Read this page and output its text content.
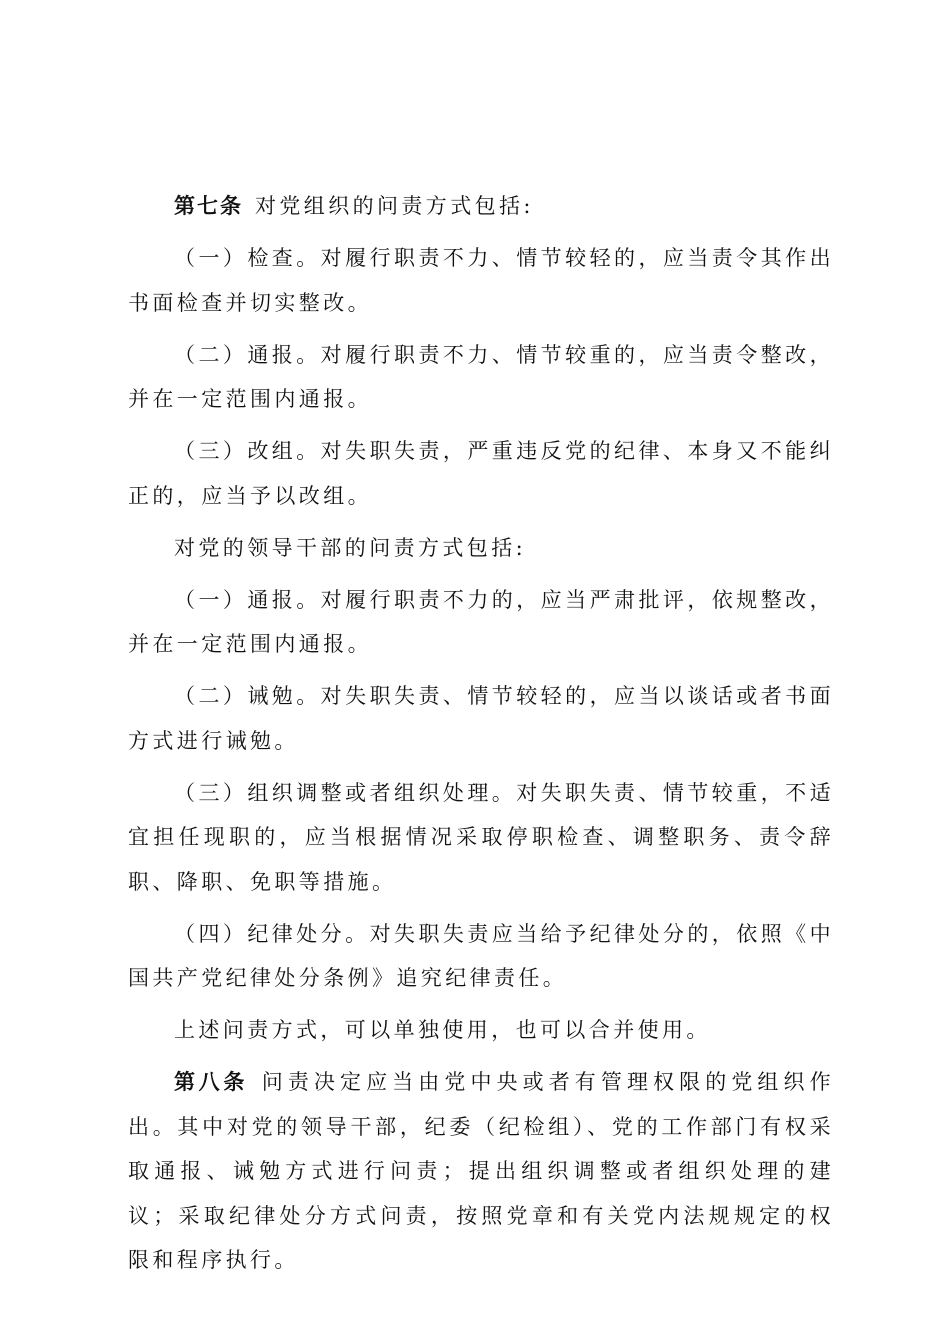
第七条 对党组织的问责方式包括:

（一）检查。对履行职责不力、情节较轻的，应当责令其作出书面检查并切实整改。

（二）通报。对履行职责不力、情节较重的，应当责令整改，并在一定范围内通报。

（三）改组。对失职失责，严重违反党的纪律、本身又不能纠正的，应当予以改组。

对党的领导干部的问责方式包括:

（一）通报。对履行职责不力的，应当严肃批评，依规整改，并在一定范围内通报。

（二）诫勉。对失职失责、情节较轻的，应当以谈话或者书面方式进行诫勉。

（三）组织调整或者组织处理。对失职失责、情节较重，不适宜担任现职的，应当根据情况采取停职检查、调整职务、责令辞职、降职、免职等措施。

（四）纪律处分。对失职失责应当给予纪律处分的，依照《中国共产党纪律处分条例》追究纪律责任。

上述问责方式，可以单独使用，也可以合并使用。

第八条 问责决定应当由党中央或者有管理权限的党组织作出。其中对党的领导干部，纪委（纪检组）、党的工作部门有权采取通报、诫勉方式进行问责；提出组织调整或者组织处理的建议；采取纪律处分方式问责，按照党章和有关党内法规规定的权限和程序执行。
